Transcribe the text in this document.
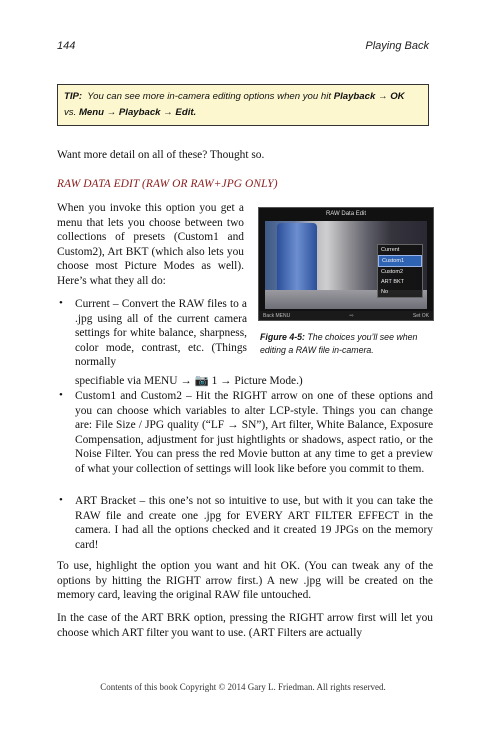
144	Playing Back
TIP: You can see more in-camera editing options when you hit Playback → OK
vs. Menu → Playback → Edit.
Want more detail on all of these? Thought so.
RAW DATA EDIT (RAW OR RAW+JPG ONLY)
When you invoke this option you get a menu that lets you choose between two collections of presets (Custom1 and Custom2), Art BKT (which also lets you choose most Picture Modes as well). Here’s what they all do:
RAW Data Edit
Current
Custom1
Custom2
ART BKT
No
Back MENU	⇨	Set OK
Figure 4-5: The choices you’ll see when editing a RAW file in-camera.
• Current – Convert the RAW files to a .jpg using all of the current camera settings for white balance, sharpness, color mode, contrast, etc. (Things normally
specifiable via MENU → 📷 1 → Picture Mode.)
• Custom1 and Custom2 – Hit the RIGHT arrow on one of these options and you can choose which variables to alter LCP-style. Things you can change are: File Size / JPG quality (“LF → SN”), Art filter, White Balance, Exposure Compensation, adjustment for just hightlights or shadows, aspect ratio, or the Noise Filter. You can press the red Movie button at any time to get a preview of what your collection of settings will look like before you commit to them.
• ART Bracket – this one’s not so intuitive to use, but with it you can take the RAW file and create one .jpg for EVERY ART FILTER EFFECT in the camera. I had all the options checked and it created 19 JPGs on the memory card!
To use, highlight the option you want and hit OK. (You can tweak any of the options by hitting the RIGHT arrow first.) A new .jpg will be created on the memory card, leaving the original RAW file untouched.
In the case of the ART BRK option, pressing the RIGHT arrow first will let you choose which ART filter you want to use. (ART Filters are actually
Contents of this book Copyright © 2014 Gary L. Friedman. All rights reserved.
